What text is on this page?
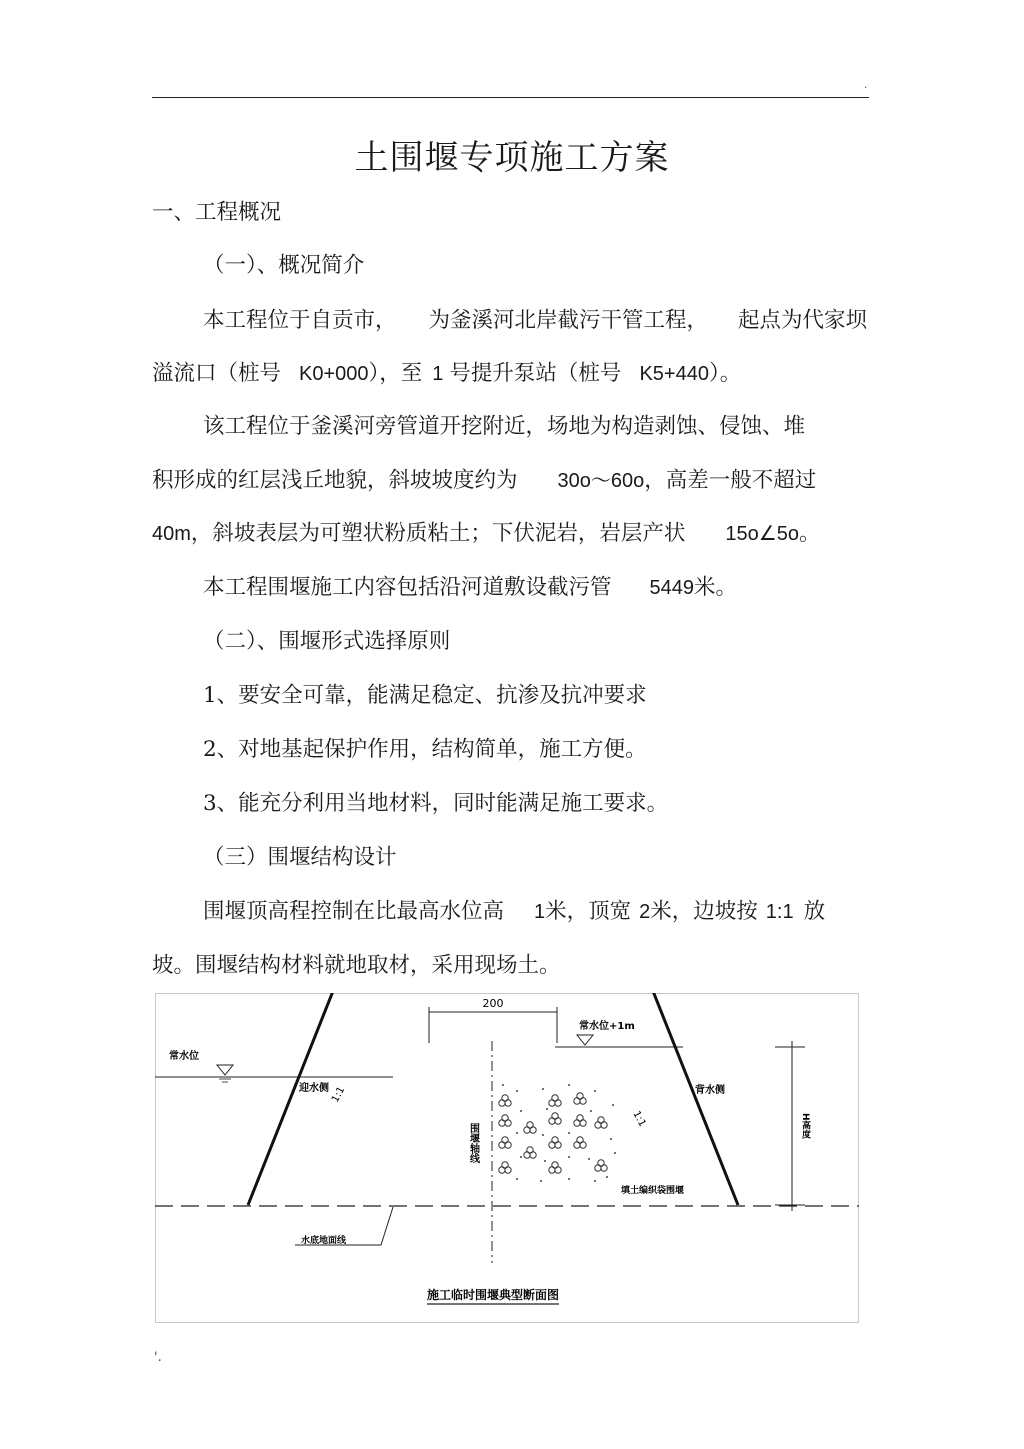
.
土围堰专项施工方案
一、工程概况
（一）、概况简介
本工程位于自贡市， 为釜溪河北岸截污干管工程， 起点为代家坝
溢流口（桩号 K0+000），至 1 号提升泵站（桩号 K5+440）。
该工程位于釜溪河旁管道开挖附近，场地为构造剥蚀、侵蚀、堆
积形成的红层浅丘地貌，斜坡坡度约为 30o～60o，高差一般不超过
40m，斜坡表层为可塑状粉质粘土；下伏泥岩，岩层产状 15o∠5o。
本工程围堰施工内容包括沿河道敷设截污管 5449米。
（二）、围堰形式选择原则
1、要安全可靠，能满足稳定、抗渗及抗冲要求
2、对地基起保护作用，结构简单，施工方便。
3、能充分利用当地材料，同时能满足施工要求。
（三）围堰结构设计
围堰顶高程控制在比最高水位高 1米，顶宽 2米，边坡按 1:1 放
坡。围堰结构材料就地取材，采用现场土。
200
常水位
常水位+1m
1:1
1:1
迎水侧	背水侧
围堰轴线
填土编织袋围堰
H高度
水底地面线
施工临时围堰典型断面图
'.
